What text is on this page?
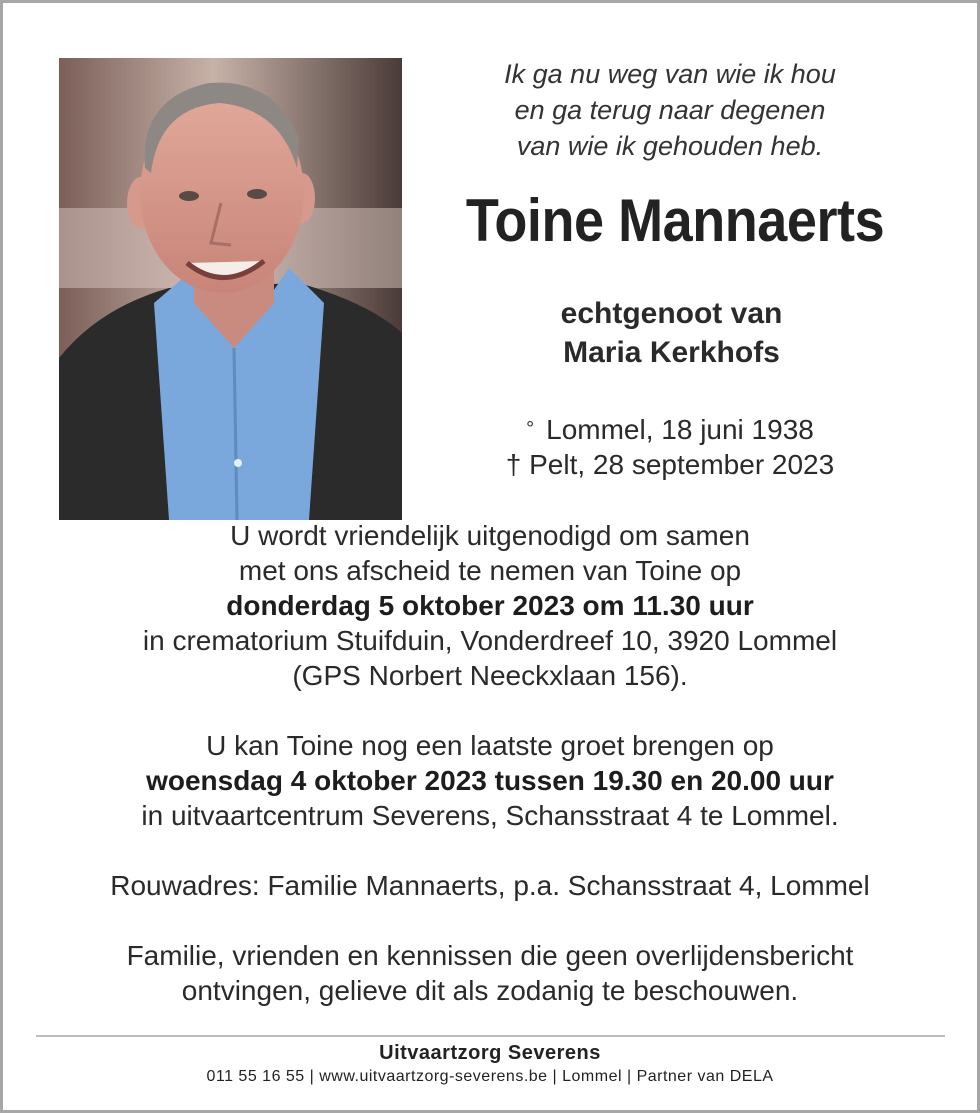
Ik ga nu weg van wie ik hou
en ga terug naar degenen
van wie ik gehouden heb.
Toine Mannaerts
echtgenoot van
Maria Kerkhofs
° Lommel, 18 juni 1938
† Pelt, 28 september 2023

U wordt vriendelijk uitgenodigd om samen

met ons afscheid te nemen van Toine op

donderdag 5 oktober 2023 om 11.30 uur

in crematorium Stuifduin, Vonderdreef 10, 3920 Lommel

(GPS Norbert Neeckxlaan 156).

U kan Toine nog een laatste groet brengen op

woensdag 4 oktober 2023 tussen 19.30 en 20.00 uur

in uitvaartcentrum Severens, Schansstraat 4 te Lommel.

Rouwadres: Familie Mannaerts, p.a. Schansstraat 4, Lommel

Familie, vrienden en kennissen die geen overlijdensbericht

ontvingen, gelieve dit als zodanig te beschouwen.

Uitvaartzorg Severens
011 55 16 55 | www.uitvaartzorg-severens.be | Lommel | Partner van DELA
